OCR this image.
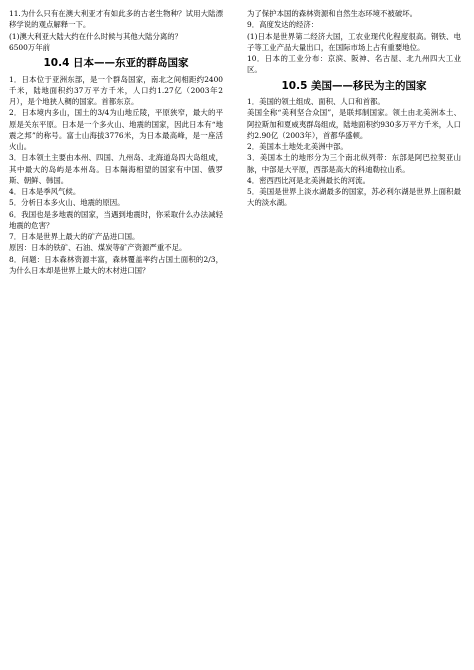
11.为什么只有在澳大利亚才有如此多的古老生物种？试用大陆漂移学说的观点解释一下。

(1)澳大利亚大陆大约在什么时候与其他大陆分离的？

6500万年前

10.4 日本——东亚的群岛国家

1．日本位于亚洲东部，是一个群岛国家，南北之间相距约2400千米，陆地面积约37万平方千米，人口约1.27亿（2003年2月），是个地狭人稠的国家。首都东京。

2．日本境内多山，国土的3/4为山地丘陵，平原狭窄，最大的平原是关东平原。日本是一个多火山、地震的国家，因此日本有“地震之邦”的称号。富士山海拔3776米，为日本最高峰，是一座活火山。

3．日本领土主要由本州、四国、九州岛、北海道岛四大岛组成，其中最大的岛屿是本州岛。日本隔海相望的国家有中国、俄罗斯、朝鲜、韩国。

4．日本是季风气候。

5．分析日本多火山、地震的原因。

6．我国也是多地震的国家，当遇到地震时，你采取什么办法减轻地震的危害？

7．日本是世界上最大的矿产品进口国。

原因：日本的铁矿、石油、煤炭等矿产资源严重不足。

8．问题：日本森林资源丰富，森林覆盖率约占国土面积的2/3，为什么日本却是世界上最大的木材进口国？

为了保护本国的森林资源和自然生态环境不被破坏。

9．高度发达的经济：

(1)日本是世界第二经济大国，工农业现代化程度很高。钢铁、电子等工业产品大量出口，在国际市场上占有重要地位。

10．日本的工业分布：京滨、阪神、名古屋、北九州四大工业区。

10.5 美国——移民为主的国家

1．美国的领土组成、面积、人口和首都。

美国全称“美利坚合众国”，是联邦制国家。领土由北美洲本土、阿拉斯加和夏威夷群岛组成，陆地面积约930多万平方千米，人口约2.90亿（2003年），首都华盛顿。

2．美国本土地处北美洲中部。

3．美国本土的地形分为三个南北纵列带：东部是阿巴拉契亚山脉，中部是大平原，西部是高大的科迪勒拉山系。

4．密西西比河是北美洲最长的河流。

5．美国是世界上淡水湖最多的国家，苏必利尔湖是世界上面积最大的淡水湖。
